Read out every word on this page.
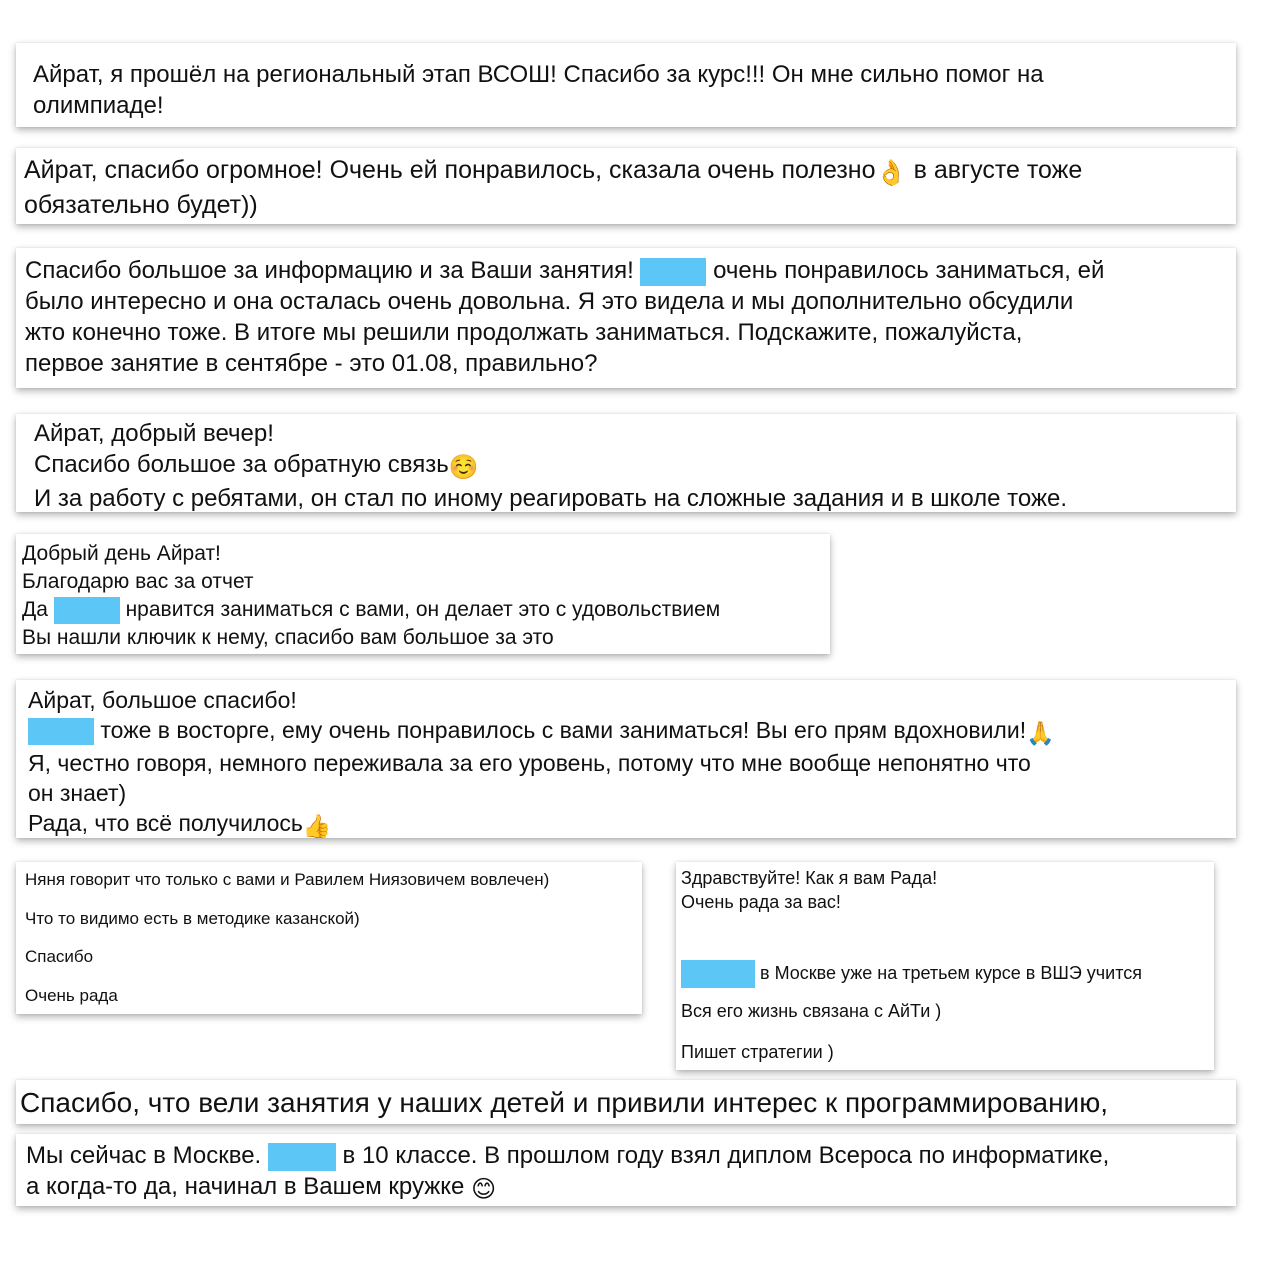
Айрат, я прошёл на региональный этап ВСОШ! Спасибо за курс!!! Он мне сильно помог на
олимпиаде!
Айрат, спасибо огромное! Очень ей понравилось, сказала очень полезно👌 в августе тоже
обязательно будет))
Спасибо большое за информацию и за Ваши занятия!	очень понравилось заниматься, ей
было интересно и она осталась очень довольна. Я это видела и мы дополнительно обсудили
жто конечно тоже. В итоге мы решили продолжать заниматься. Подскажите, пожалуйста,
первое занятие в сентябре - это 01.08, правильно?
Айрат, добрый вечер!
Спасибо большое за обратную связь☺️
И за работу с ребятами, он стал по иному реагировать на сложные задания и в школе тоже.
Добрый день Айрат!
Благодарю вас за отчет
Да	нравится заниматься с вами, он делает это с удовольствием
Вы нашли ключик к нему, спасибо вам большое за это
Айрат, большое спасибо!
тоже в восторге, ему очень понравилось с вами заниматься! Вы его прям вдохновили!🙏
Я, честно говоря, немного переживала за его уровень, потому что мне вообще непонятно что
он знает)
Рада, что всё получилось👍
Няня говорит что только с вами и Равилем Ниязовичем вовлечен)
Что то видимо есть в методике казанской)
Спасибо
Очень рада
Здравствуйте! Как я вам Рада!
Очень рада за вас!
в Москве уже на третьем курсе в ВШЭ учится
Вся его жизнь связана с АйТи )
Пишет стратегии )
Спасибо, что вели занятия у наших детей и привили интерес к программированию,
Мы сейчас в Москве.	в 10 классе. В прошлом году взял диплом Всероса по информатике,
а когда-то да, начинал в Вашем кружке 😊
